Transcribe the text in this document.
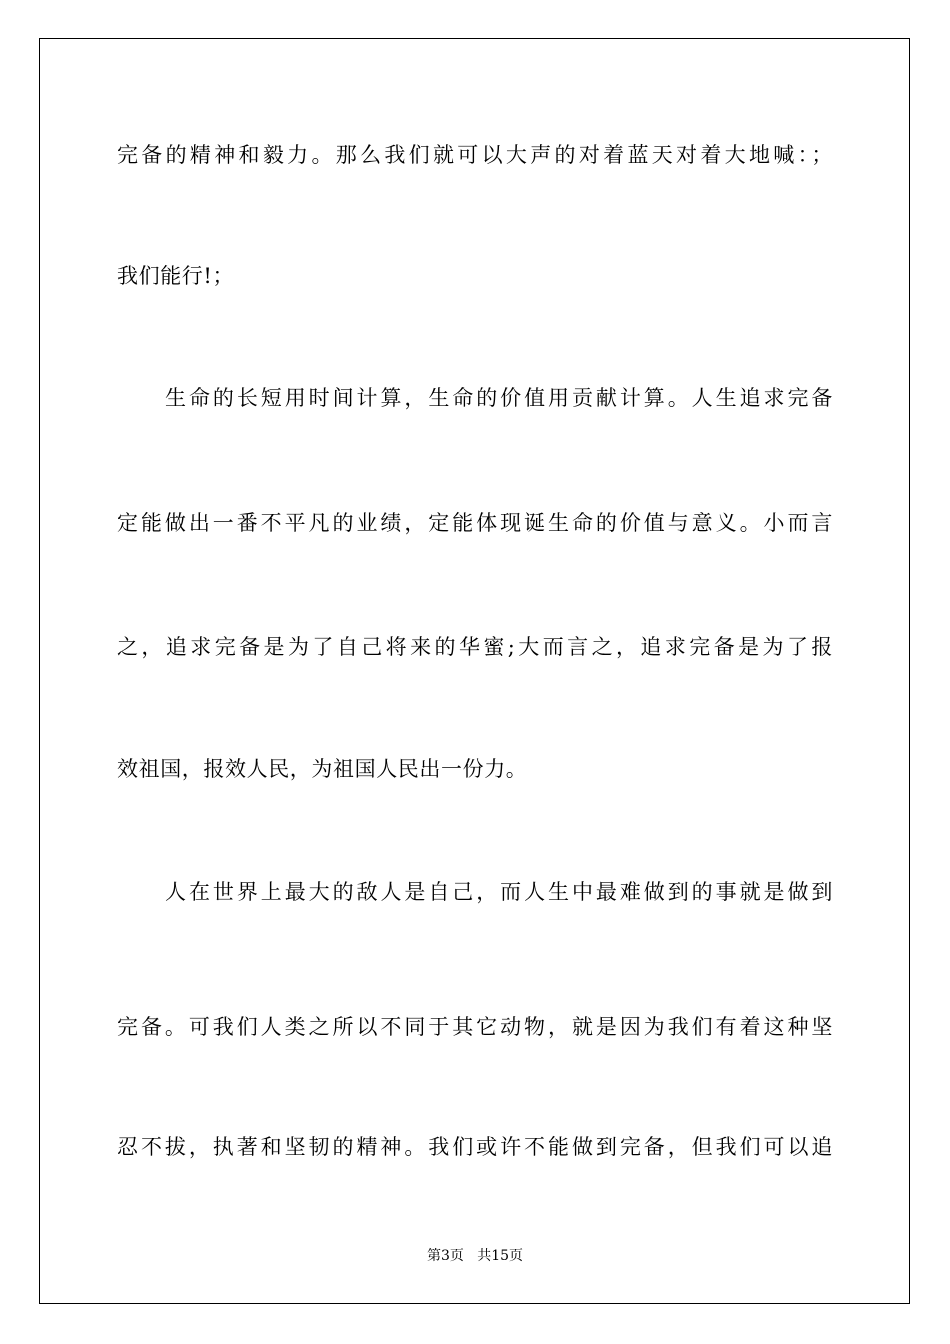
完备的精神和毅力。那么我们就可以大声的对着蓝天对着大地喊：；
我们能行!；
生命的长短用时间计算，生命的价值用贡献计算。人生追求完备
定能做出一番不平凡的业绩，定能体现诞生命的价值与意义。小而言
之，追求完备是为了自己将来的华蜜;大而言之，追求完备是为了报
效祖国，报效人民，为祖国人民出一份力。
人在世界上最大的敌人是自己，而人生中最难做到的事就是做到
完备。可我们人类之所以不同于其它动物，就是因为我们有着这种坚
忍不拔，执著和坚韧的精神。我们或许不能做到完备，但我们可以追
第3页   共15页
